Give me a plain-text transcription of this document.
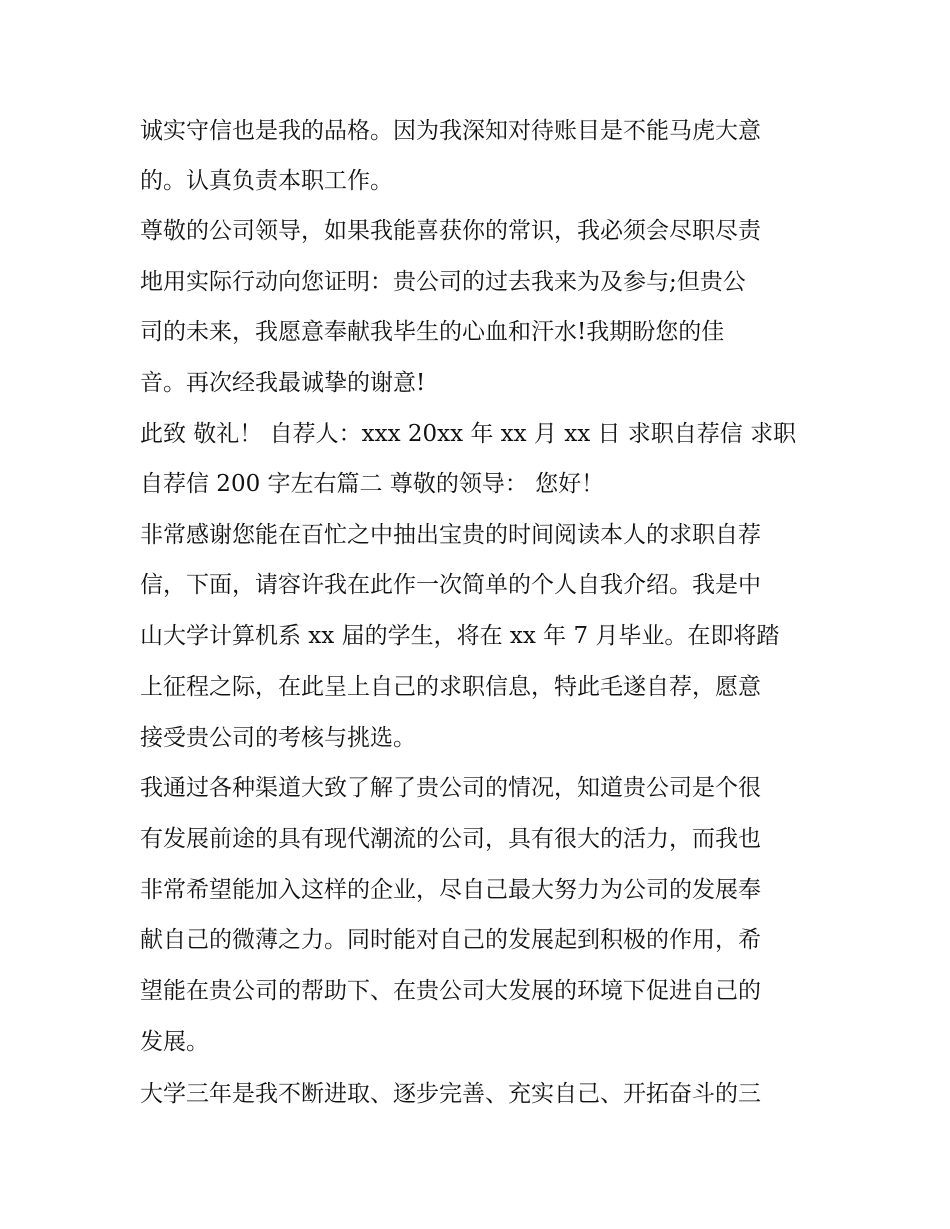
诚实守信也是我的品格。因为我深知对待账目是不能马虎大意

的。认真负责本职工作。

尊敬的公司领导，如果我能喜获你的常识，我必须会尽职尽责

地用实际行动向您证明：贵公司的过去我来为及参与;但贵公

司的未来，我愿意奉献我毕生的心血和汗水!我期盼您的佳

音。再次经我最诚挚的谢意!

此致 敬礼！ 自荐人：xxx 20xx 年 xx 月 xx 日 求职自荐信 求职

自荐信 200 字左右篇二 尊敬的领导： 您好！

非常感谢您能在百忙之中抽出宝贵的时间阅读本人的求职自荐

信，下面，请容许我在此作一次简单的个人自我介绍。我是中

山大学计算机系 xx 届的学生，将在 xx 年 7 月毕业。在即将踏

上征程之际，在此呈上自己的求职信息，特此毛遂自荐，愿意

接受贵公司的考核与挑选。

我通过各种渠道大致了解了贵公司的情况，知道贵公司是个很

有发展前途的具有现代潮流的公司，具有很大的活力，而我也

非常希望能加入这样的企业，尽自己最大努力为公司的发展奉

献自己的微薄之力。同时能对自己的发展起到积极的作用，希

望能在贵公司的帮助下、在贵公司大发展的环境下促进自己的

发展。

大学三年是我不断进取、逐步完善、充实自己、开拓奋斗的三
